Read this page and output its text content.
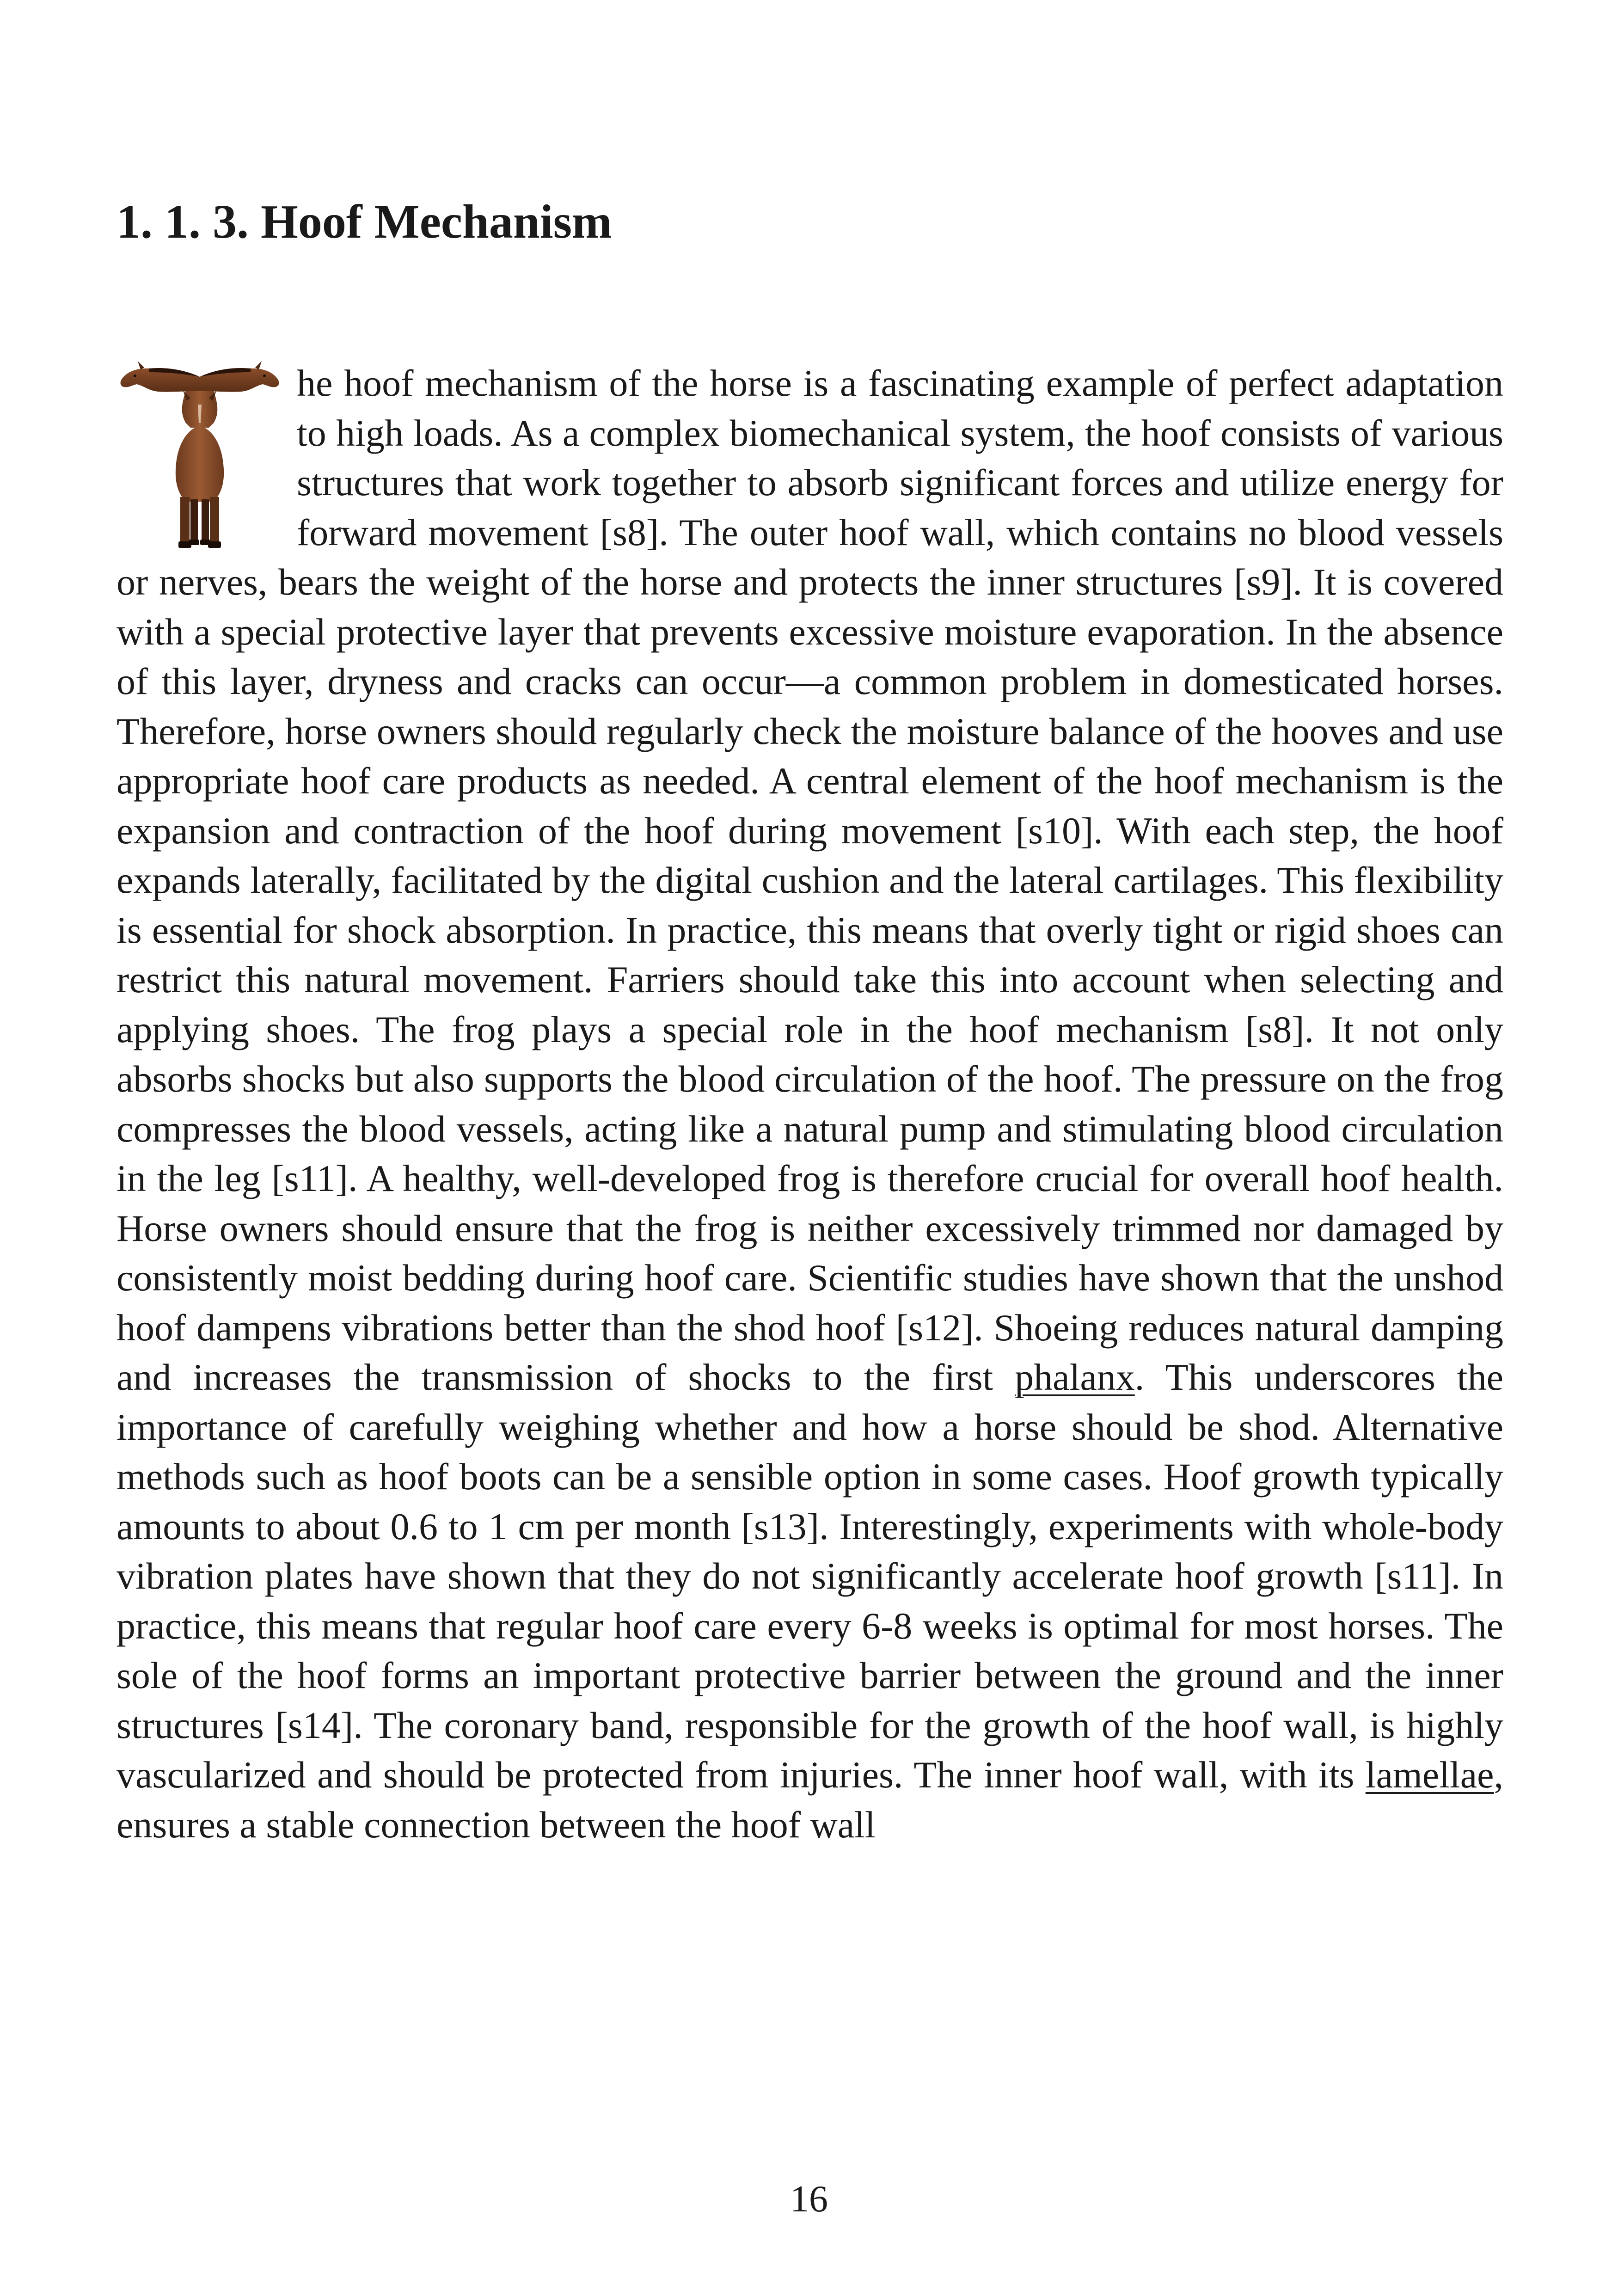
1. 1. 3. Hoof Mechanism

he hoof mechanism of the horse is a fascinating example of perfect adaptation to high loads. As a complex biomechanical system, the hoof consists of various structures that work together to absorb significant forces and utilize energy for forward movement [s8]. The outer hoof wall, which contains no blood vessels or nerves, bears the weight of the horse and protects the inner structures [s9]. It is covered with a special protective layer that prevents excessive moisture evaporation. In the absence of this layer, dryness and cracks can occur—a common problem in domesticated horses. Therefore, horse owners should regularly check the moisture balance of the hooves and use appropriate hoof care products as needed. A central element of the hoof mechanism is the expansion and contraction of the hoof during movement [s10]. With each step, the hoof expands laterally, facilitated by the digital cushion and the lateral cartilages. This flexibility is essential for shock absorption. In practice, this means that overly tight or rigid shoes can restrict this natural movement. Farriers should take this into account when selecting and applying shoes. The frog plays a special role in the hoof mechanism [s8]. It not only absorbs shocks but also supports the blood circulation of the hoof. The pressure on the frog compresses the blood vessels, acting like a natural pump and stimulating blood circulation in the leg [s11]. A healthy, well-developed frog is therefore crucial for overall hoof health. Horse owners should ensure that the frog is neither excessively trimmed nor damaged by consistently moist bedding during hoof care. Scientific studies have shown that the unshod hoof dampens vibrations better than the shod hoof [s12]. Shoeing reduces natural damping and increases the transmission of shocks to the first phalanx. This underscores the importance of carefully weighing whether and how a horse should be shod. Alternative methods such as hoof boots can be a sensible option in some cases. Hoof growth typically amounts to about 0.6 to 1 cm per month [s13]. Interestingly, experiments with whole-body vibration plates have shown that they do not significantly accelerate hoof growth [s11]. In practice, this means that regular hoof care every 6-8 weeks is optimal for most horses. The sole of the hoof forms an important protective barrier between the ground and the inner structures [s14]. The coronary band, responsible for the growth of the hoof wall, is highly vascularized and should be protected from injuries. The inner hoof wall, with its lamellae, ensures a stable connection between the hoof wall

16
